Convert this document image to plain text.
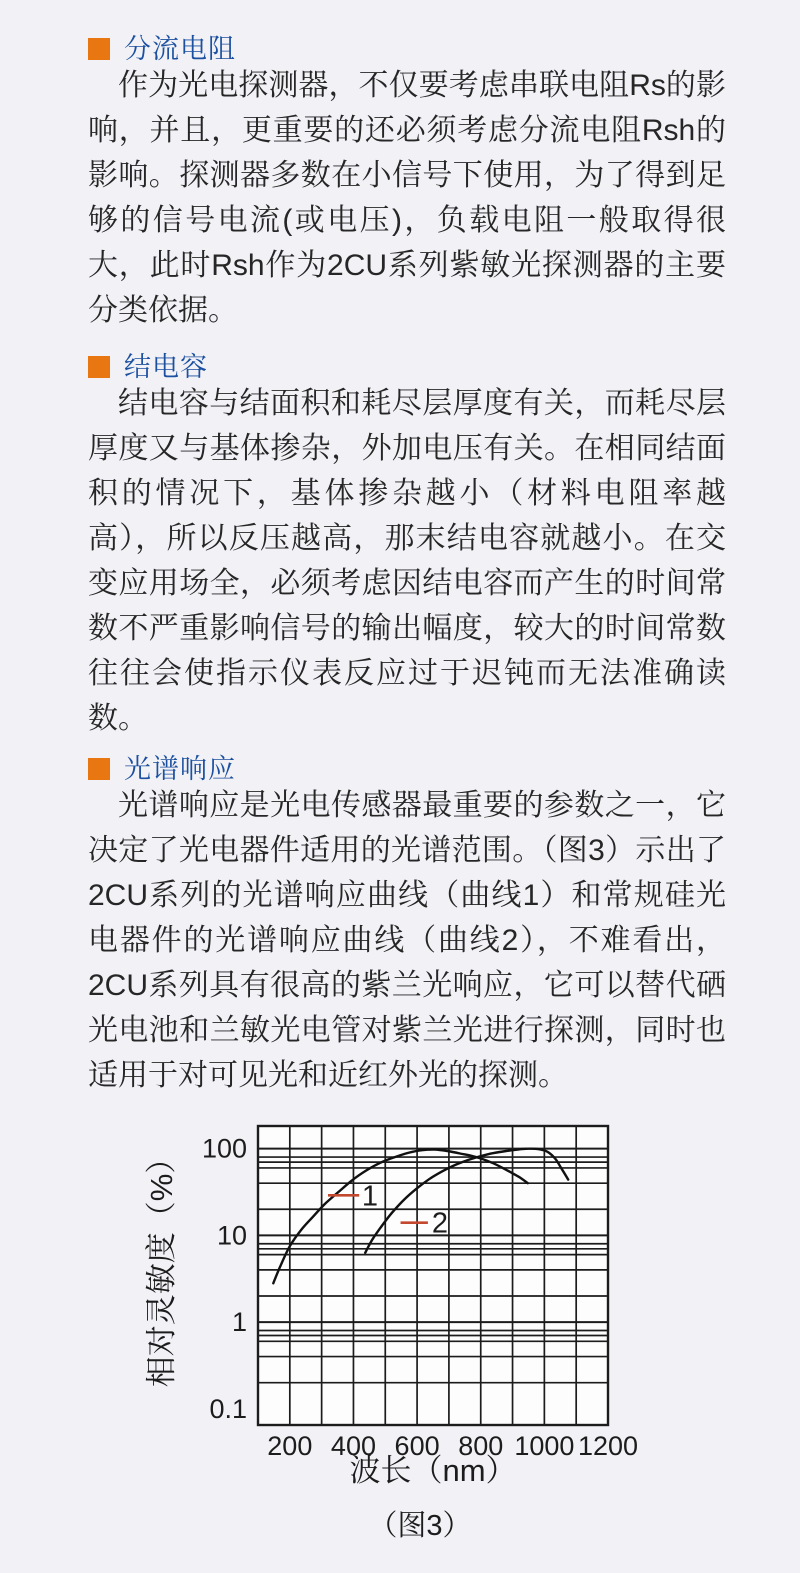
分流电阻

作为光电探测器，不仅要考虑串联电阻Rs的影响，并且，更重要的还必须考虑分流电阻Rsh的影响。探测器多数在小信号下使用，为了得到足够的信号电流(或电压)，负载电阻一般取得很大，此时Rsh作为2CU系列紫敏光探测器的主要分类依据。

结电容

结电容与结面积和耗尽层厚度有关，而耗尽层厚度又与基体掺杂，外加电压有关。在相同结面积的情况下，基体掺杂越小（材料电阻率越高），所以反压越高，那末结电容就越小。在交变应用场全，必须考虑因结电容而产生的时间常数不严重影响信号的输出幅度，较大的时间常数往往会使指示仪表反应过于迟钝而无法准确读数。

光谱响应

光谱响应是光电传感器最重要的参数之一，它决定了光电器件适用的光谱范围。（图3）示出了2CU系列的光谱响应曲线（曲线1）和常规硅光电器件的光谱响应曲线（曲线2），不难看出，2CU系列具有很高的紫兰光响应，它可以替代硒光电池和兰敏光电管对紫兰光进行探测，同时也适用于对可见光和近红外光的探测。

1
2
100
10
1
0.1
200 400 600 800 1000 1200
相对灵敏度（%）
波长（nm）
（图3）
